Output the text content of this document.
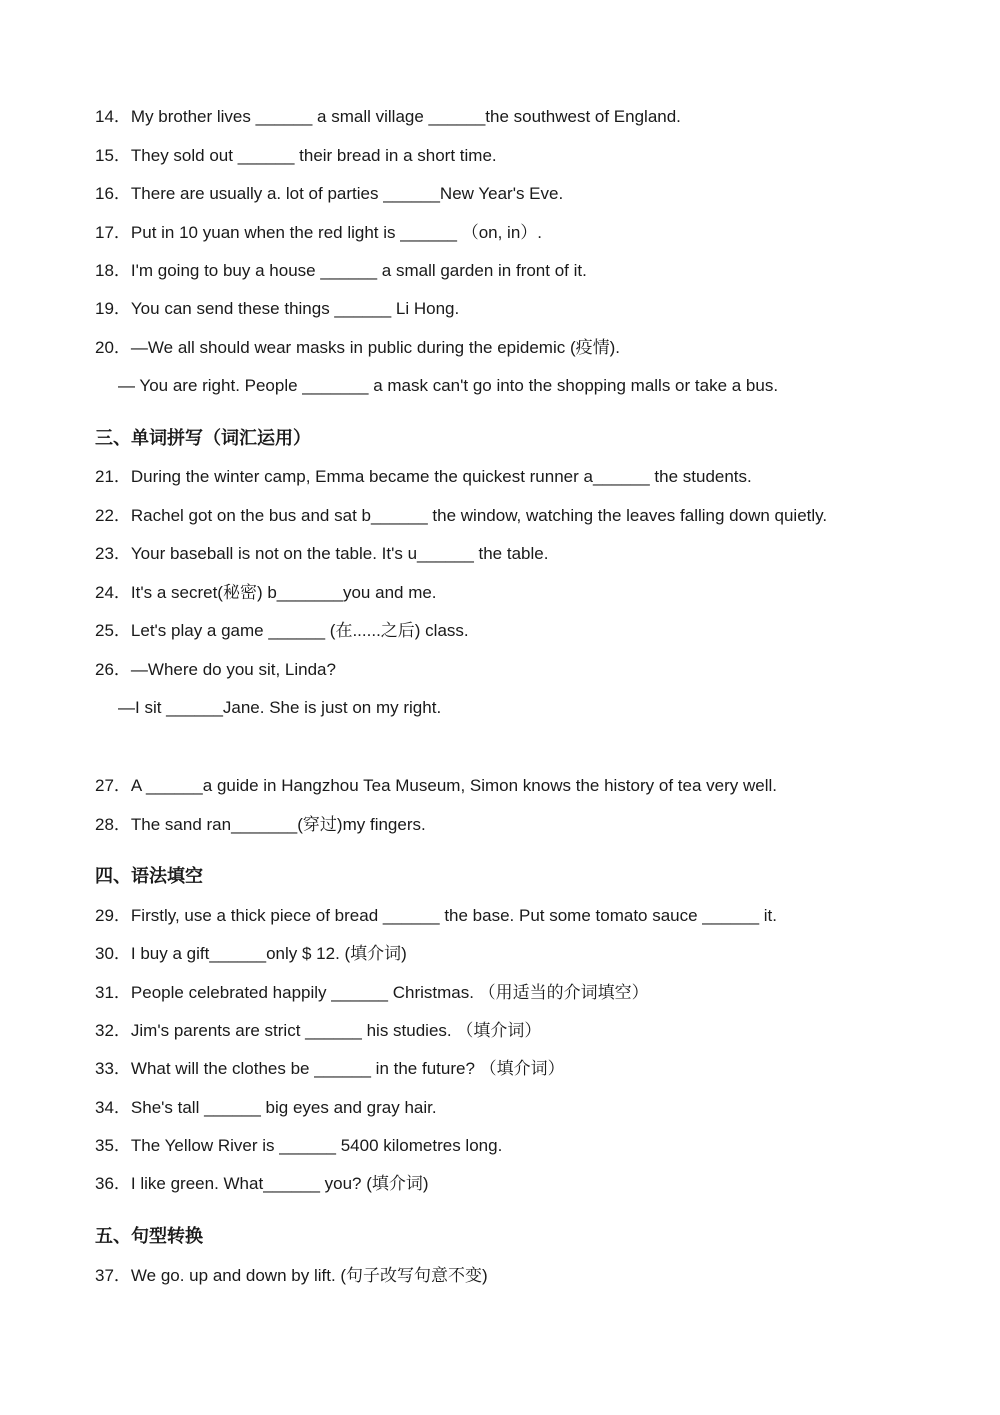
14．My brother lives ______ a small village ______the southwest of England.
15．They sold out ______ their bread in a short time.
16．There are usually a. lot of parties ______New Year's Eve.
17．Put in 10 yuan when the red light is ______ （on, in）.
18．I'm going to buy a house ______ a small garden in front of it.
19．You can send these things ______ Li Hong.
20．—We all should wear masks in public during the epidemic (疫情).
— You are right. People _______ a mask can't go into the shopping malls or take a bus.
三、单词拼写（词汇运用）
21．During the winter camp, Emma became the quickest runner a______ the students.
22．Rachel got on the bus and sat b______ the window, watching the leaves falling down quietly.
23．Your baseball is not on the table. It's u______ the table.
24．It's a secret(秘密) b_______you and me.
25．Let's play a game ______ (在......之后) class.
26．—Where do you sit, Linda?
—I sit ______Jane. She is just on my right.
27．A ______a guide in Hangzhou Tea Museum, Simon knows the history of tea very well.
28．The sand ran_______(穿过)my fingers.
四、语法填空
29．Firstly, use a thick piece of bread ______ the base. Put some tomato sauce ______ it.
30．I buy a gift______only $ 12. (填介词)
31．People celebrated happily ______ Christmas. （用适当的介词填空）
32．Jim's parents are strict ______ his studies. （填介词）
33．What will the clothes be ______ in the future? （填介词）
34．She's tall ______ big eyes and gray hair.
35．The Yellow River is ______ 5400 kilometres long.
36．I like green. What______ you? (填介词)
五、句型转换
37．We go. up and down by lift. (句子改写句意不变)
